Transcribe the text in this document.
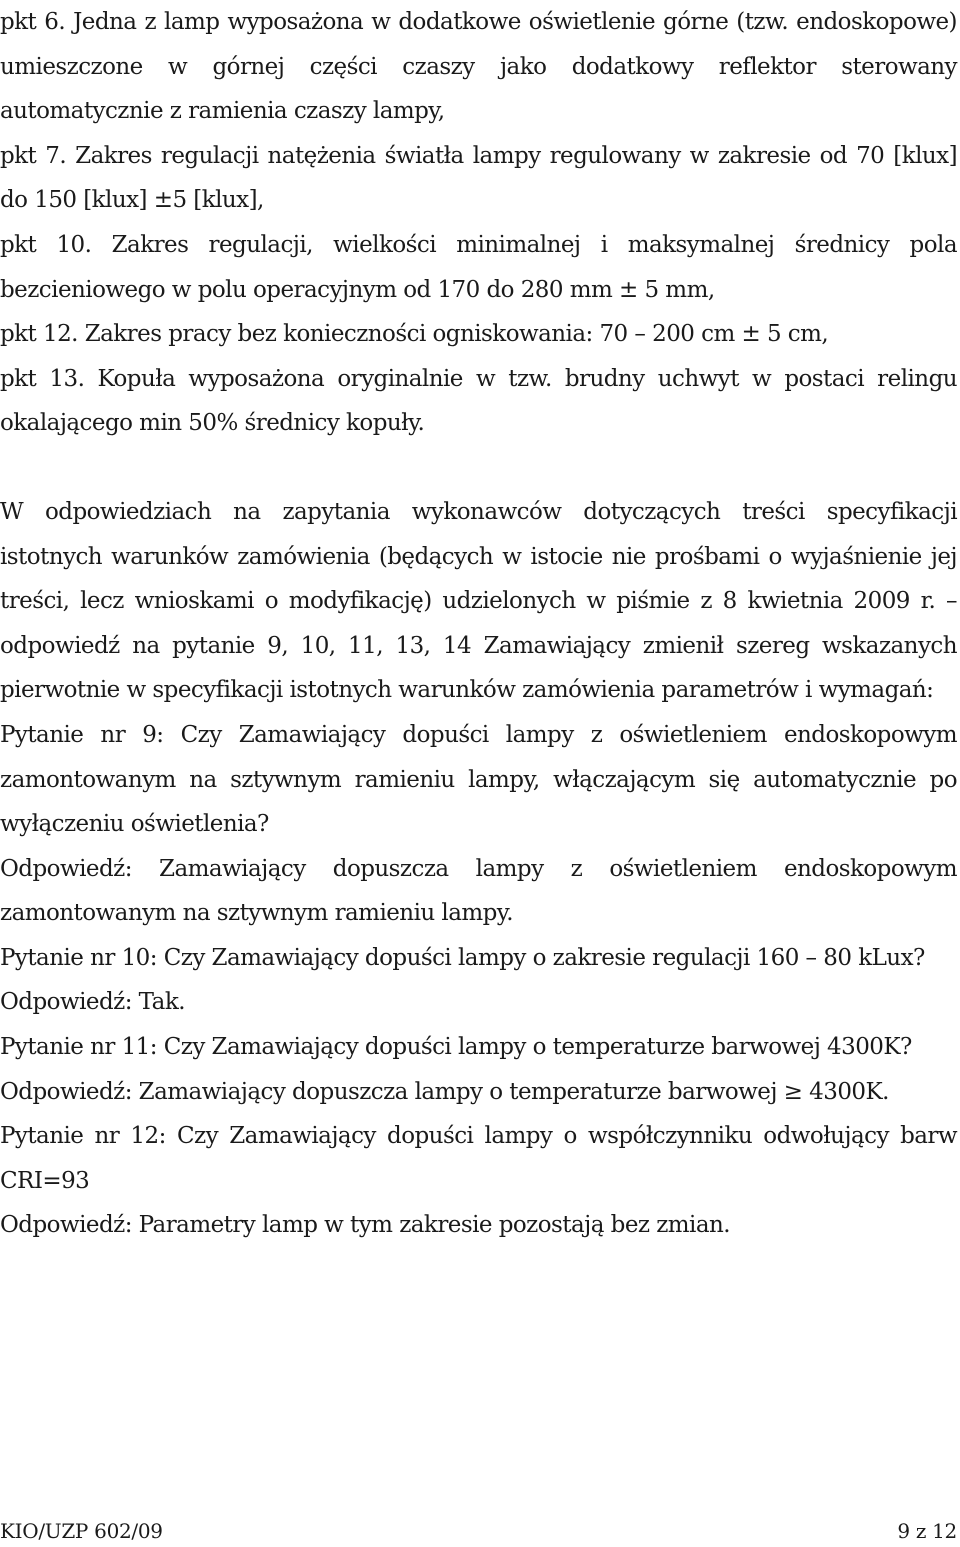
pkt 6. Jedna z lamp wyposażona w dodatkowe oświetlenie górne (tzw. endoskopowe) umieszczone w górnej części czaszy jako dodatkowy reflektor sterowany automatycznie z ramienia czaszy lampy,

pkt 7. Zakres regulacji natężenia światła lampy regulowany w zakresie od 70 [klux] do 150 [klux] ±5 [klux],

pkt 10. Zakres regulacji, wielkości minimalnej i maksymalnej średnicy pola bezcieniowego w polu operacyjnym od 170 do 280 mm ± 5 mm,

pkt 12. Zakres pracy bez konieczności ogniskowania: 70 – 200 cm ± 5 cm,

pkt 13. Kopuła wyposażona oryginalnie w tzw. brudny uchwyt w postaci relingu okalającego min 50% średnicy kopuły.

W odpowiedziach na zapytania wykonawców dotyczących treści specyfikacji istotnych warunków zamówienia (będących w istocie nie prośbami o wyjaśnienie jej treści, lecz wnioskami o modyfikację) udzielonych w piśmie z 8 kwietnia 2009 r. – odpowiedź na pytanie 9, 10, 11, 13, 14 Zamawiający zmienił szereg wskazanych pierwotnie w specyfikacji istotnych warunków zamówienia parametrów i wymagań:

Pytanie nr 9: Czy Zamawiający dopuści lampy z oświetleniem endoskopowym zamontowanym na sztywnym ramieniu lampy, włączającym się automatycznie po wyłączeniu oświetlenia?

Odpowiedź: Zamawiający dopuszcza lampy z oświetleniem endoskopowym zamontowanym na sztywnym ramieniu lampy.

Pytanie nr 10: Czy Zamawiający dopuści lampy o zakresie regulacji 160 – 80 kLux?

Odpowiedź: Tak.

Pytanie nr 11: Czy Zamawiający dopuści lampy o temperaturze barwowej 4300K?

Odpowiedź: Zamawiający dopuszcza lampy o temperaturze barwowej ≥ 4300K.

Pytanie nr 12: Czy Zamawiający dopuści lampy o współczynniku odwołujący barw CRI=93

Odpowiedź: Parametry lamp w tym zakresie pozostają bez zmian.

KIO/UZP 602/09	9 z 12
